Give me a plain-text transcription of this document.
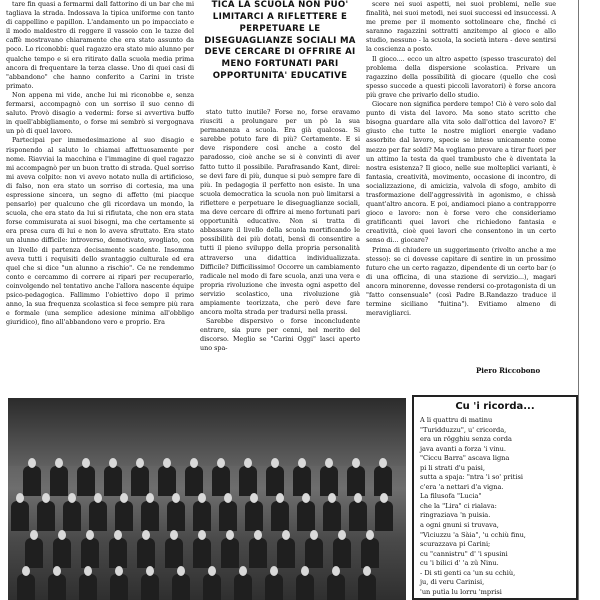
tare fin quasi a fermarmi dall fattorino di un bar che mi tagliava la strada. Indossava la tipica uniforme con tanto di cappellino e papillon. L'andamento un po impacciato e il modo maldestro di reggere il vassoio con le tazze del caffè mostravano chiaramente che era stato assunto da poco. Lo riconobbi: quel ragazzo era stato mio alunno per qualche tempo e si era ritirato dalla scuola media prima ancora di frequentare la terza classe. Uno di quei casi di "abbandono" che hanno conferito a Carini in triste primato.

Non appena mi vide, anche lui mi riconobbe e, senza fermarsi, accompagnò con un sorriso il suo cenno di saluto. Provò disagio a vedermi: forse si avvertiva buffo in quell'abbigliamento, o forse mi sembrò si vergognava un pò di quel lavoro.

Partecipai per immedesimazione al suo disagio e risponendo al saluto lo chiamai affettuosamente per nome. Riavviai la macchina e l'immagine di quel ragazzo mi accompagnò per un buon tratto di strada. Quel sorriso mi aveva colpito: non vi avevo notato nulla di artificioso, di falso, non era stato un sorriso di cortesia, ma una espressione sincera, un segno di affetto (mi piacque pensarlo) per qualcuno che gli ricordava un mondo, la scuola, che era stato da lui si rifiutata, che non era stata forse commisurata ai suoi bisogni, ma che certamente si era presa cura di lui e non lo aveva sfruttato. Era stato un alunno difficile: introverso, demotivato, svogliato, con un livello di partenza decisamente scadente. Insomma aveva tutti i requisiti dello svantaggio culturale ed era quel che si dice "un alunno a rischio". Ce ne rendemmo conto e cercammo di correre ai ripari per recuperarlo, coinvolgendo nel tentativo anche l'allora nascente équipe psico-pedagogica. Fallimmo l'obiettivo dopo il primo anno, la sua frequenza scolastica si fece sempre più rara e formale (una semplice adesione minima all'obbligo giuridico), fino all'abbandono vero e proprio. Era

TICA LA SCUOLA NON PUO' LIMITARCI A RIFLETTERE E PERPETUARE LE DISEGUAGLIANZE SOCIALI MA DEVE CERCARE DI OFFRIRE AI MENO FORTUNATI PARI OPPORTUNITA' EDUCATIVE

stato tutto inutile? Forse no, forse eravamo riusciti a prolungare per un pò la sua permanenza a scuola. Era già qualcosa. Si sarebbe potuto fare di più? Certamente. E si deve rispondere così anche a costo del paradosso, cioè anche se si è convinti di aver fatto tutto il possibile. Parafrasando Kant, direi: se devi fare di più, dunque si può sempre fare di più. In pedagogia il perfetto non esiste. In una scuola democratica la scuola non può limitarsi a riflettere e perpetuare le diseguaglianze sociali, ma deve cercare di offrire ai meno fortunati pari opportunità educative. Non si tratta di abbassare il livello della scuola mortificando le possibilità dei più dotati, bensì di consentire a tutti il pieno sviluppo della propria personalità attraverso una didattica individualizzata. Difficile? Difficilissimo! Occorre un cambiamento radicale nel modo di fare scuola, anzi una vera e propria rivoluzione che investa ogni aspetto del servizio scolastico, una rivoluzione già ampiamente teorizzata, che però deve fare ancora molta strada per tradursi nella prassi.

Sarebbe dispersivo o forse inconcludente entrare, sia pure per cenni, nel merito del discorso. Meglio se "Carini Oggi" lasci aperto uno spa-

scere nei suoi aspetti, nei suoi problemi, nelle sue finalità, nei suoi metodi, nei suoi successi ed insuccessi. A me preme per il momento sottolineare che, finché ci saranno ragazzini sottratti anzitempo al gioco e allo studio, nessuno - la scuola, la società intera - deve sentirsi la coscienza a posto.

Il gioco.... ecco un altro aspetto (spesso trascurato) del problema della dispersione scolastica. Privare un ragazzino della possibilità di giocare (quello che così spesso succede a questi piccoli lavoratori) è forse ancora più grave che privarlo dello studio.

Giocare non significa perdere tempo! Ciò è vero solo dal punto di vista del lavoro. Ma sono stato scritto che bisogna guardare alla vita solo dall'ottica del lavoro? E' giusto che tutte le nostre migliori energie vadano assorbite dal lavoro, specie se inteso unicamente come mezzo per far soldi? Ma vogliamo provare a tirar fuori per un attimo la testa da quel trambusto che è diventata la nostra esistenza? Il gioco, nelle sue molteplici varianti, è fantasia, creatività, movimento, occasione di incontro, di socializzazione, di amicizia, valvola di sfogo, ambito di trasformazione dell'aggressività in agonismo, e chissà quant'altro ancora. E poi, andiamoci piano a contrapporre gioco e lavoro: non è forse vero che consideriamo gratificanti quei lavori che richiedono fantasia e creatività, cioè quei lavori che consentono in un certo senso di... giocare?

Prima di chiudere un suggerimento (rivolto anche a me stesso): se ci dovesse capitare di sentire in un prossimo futuro che un certo ragazzo, dipendente di un certo bar (o di una officina, di una stazione di servizio...), magari ancora minorenne, dovesse rendersi co-protagonista di un "fatto consensuale" (così Padre B.Randazzo traduce il termine siciliano "fuitina"). Evitiamo almeno di meravigliarci.

Piero Riccobono
Cu 'i ricorda...
A li quattru di matinu
"Turidduzzu", u' cricorda,
era un rögghiu senza corda
java avanti a forza 'i vinu.
"Ciccu Barra" ascava ligna
pi li strati d'u paisi,
sutta a spaja: "ntra 'i so' pritisi
c'era 'a nettari d'a vigna.
La filusofa "Lucia"
che la "Lira" ci rialava:
ringraziava 'n puisia.
a ogni gnuni si truvava,
"Viciuzzu 'a Sàia", 'u cchiù finu,
scurazzava pi Carini;
cu "cannistru" d' 'i spusini
cu 'i bilici d' 'a zû Ninu.
- Di sti genti ca 'un su cchiù,
ju, di veru Carinisi,
'un putìa lu lorru 'mprisi
